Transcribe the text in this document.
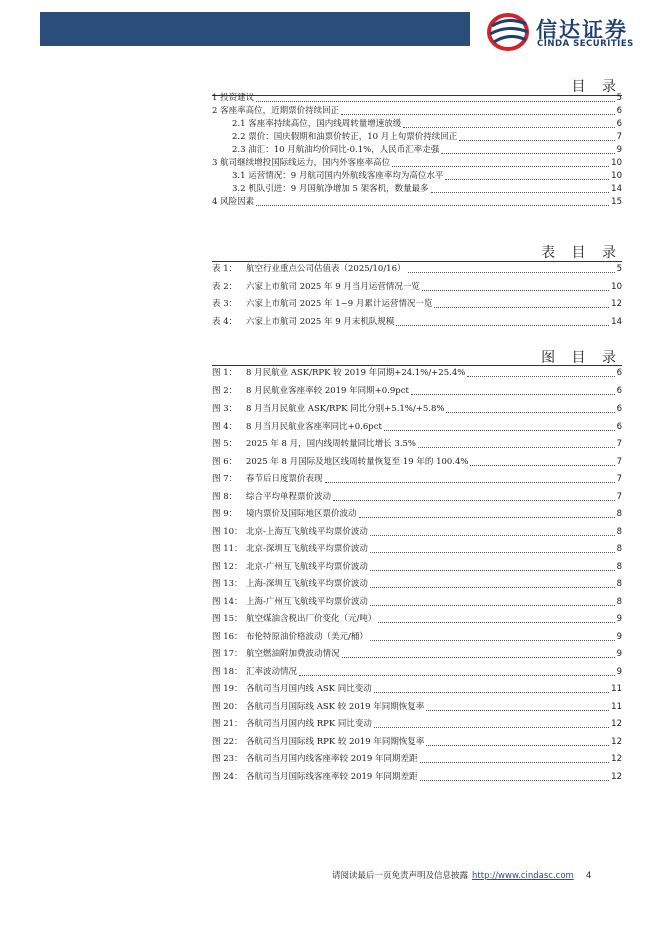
信达证券
CINDA SECURITIES
目 录
1 投资建议	5
2 客座率高位，近期票价持续回正	6
2.1 客座率持续高位，国内线周转量增速放缓	6
2.2 票价：国庆假期和油票价转正，10 月上旬票价持续回正	7
2.3 油汇：10 月航油均价同比-0.1%，人民币汇率走强	9
3 航司继续增投国际线运力，国内外客座率高位	10
3.1 运营情况：9 月航司国内外航线客座率均为高位水平	10
3.2 机队引进：9 月国航净增加 5 架客机，数量最多	14
4 风险因素	15
表 目 录
表 1：	航空行业重点公司估值表（2025/10/16）	5
表 2：	六家上市航司 2025 年 9 月当月运营情况一览	10
表 3：	六家上市航司 2025 年 1~9 月累计运营情况一览	12
表 4：	六家上市航司 2025 年 9 月末机队规模	14
图 目 录
图 1：	8 月民航业 ASK/RPK 较 2019 年同期+24.1%/+25.4%	6
图 2：	8 月民航业客座率较 2019 年同期+0.9pct	6
图 3：	8 月当月民航业 ASK/RPK 同比分别+5.1%/+5.8%	6
图 4：	8 月当月民航业客座率同比+0.6pct	6
图 5：	2025 年 8 月，国内线周转量同比增长 3.5%	7
图 6：	2025 年 8 月国际及地区线周转量恢复至 19 年的 100.4%	7
图 7：	春节后日度票价表现	7
图 8：	综合平均单程票价波动	7
图 9：	境内票价及国际地区票价波动	8
图 10： 北京-上海互飞航线平均票价波动	8
图 11： 北京-深圳互飞航线平均票价波动	8
图 12： 北京-广州互飞航线平均票价波动	8
图 13： 上海-深圳互飞航线平均票价波动	8
图 14： 上海-广州互飞航线平均票价波动	8
图 15： 航空煤油含税出厂价变化（元/吨）	9
图 16： 布伦特原油价格波动（美元/桶）	9
图 17： 航空燃油附加费波动情况	9
图 18： 汇率波动情况	9
图 19： 各航司当月国内线 ASK 同比变动	11
图 20： 各航司当月国际线 ASK 较 2019 年同期恢复率	11
图 21： 各航司当月国内线 RPK 同比变动	12
图 22： 各航司当月国际线 RPK 较 2019 年同期恢复率	12
图 23： 各航司当月国内线客座率较 2019 年同期差距	12
图 24： 各航司当月国际线客座率较 2019 年同期差距	12
请阅读最后一页免责声明及信息披露 http://www.cindasc.com 4
